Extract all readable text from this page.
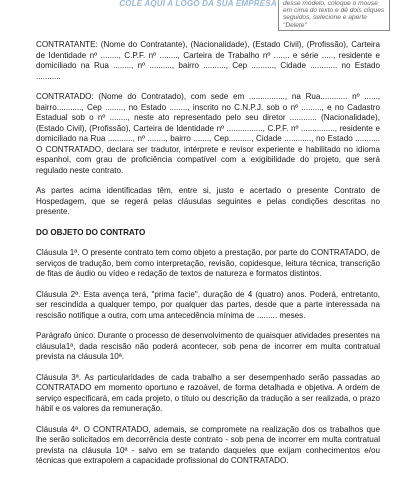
COLE AQUI A LOGO DA SUA EMPRESA desse modelo, coloque o mouse em cima do texto e dê dois cliques seguidos, selecione e aperte "Delete"

CONTRATANTE: (Nome do Contratante), (Nacionalidade), (Estado Civil), (Profissão), Carteira de Identidade nº ........, C.P.F. nº ........, Carteira de Trabalho nº ....... e série ....., residente e domiciliado na Rua ........, nº .........., bairro .........., Cep .........., Cidade ............ no Estado ...........

CONTRATADO: (Nome do Contratado), com sede em ................, na Rua............ nº ......, bairro..........., Cep ........, no Estado ........, inscrito no C.N.P.J. sob o nº ........., e no Cadastro Estadual sob o nº ........, neste ato representado pelo seu diretor ............ (Nacionalidade), (Estado Civil), (Profissão), Carteira de Identidade nº ................, C.P.F. nº ..............., residente e domiciliado na Rua ..........., nº ........, bairro ......., Cep.........., Cidade ............, no Estado ........... O CONTRATADO, declara ser tradutor, intérprete e revisor experiente e habilitado no idioma espanhol, com grau de proficiência compatível com a exigibilidade do projeto, que será regulado neste contrato.

As partes acima identificadas têm, entre si, justo e acertado o presente Contrato de Hospedagem, que se regerá pelas cláusulas seguintes e pelas condições descritas no presente.

DO OBJETO DO CONTRATO

Cláusula 1ª. O presente contrato tem como objeto a prestação, por parte do CONTRATADO, de serviços de tradução, bem como interpretação, revisão, copidesque, leitura técnica, transcrição de fitas de áudio ou vídeo e redação de textos de natureza e formatos distintos.

Cláusula 2ª. Esta avença terá, "prima facie", duração de 4 (quatro) anos. Poderá, entretanto, ser rescindida a qualquer tempo, por qualquer das partes, desde que a parte interessada na rescisão notifique a outra, com uma antecedência mínima de ......... meses.

Parágrafo único. Durante o processo de desenvolvimento de quaisquer atividades presentes na cláusula1ª, dada rescisão não poderá acontecer, sob pena de incorrer em multa contratual prevista na cláusula 10ª.

Cláusula 3ª. As particularidades de cada trabalho a ser desempenhado serão passadas ao CONTRATADO em momento oportuno e razoável, de forma detalhada e objetiva. A ordem de serviço especificará, em cada projeto, o título ou descrição da tradução a ser realizada, o prazo hábil e os valores da remuneração.

Cláusula 4ª. O CONTRATADO, ademais, se compromete na realização dos os trabalhos que lhe serão solicitados em decorrência deste contrato - sob pena de incorrer em multa contratual prevista na cláusula 10ª - salvo em se tratando daqueles que exijam conhecimentos e/ou técnicas que extrapolem a capacidade profissional do CONTRATADO.
